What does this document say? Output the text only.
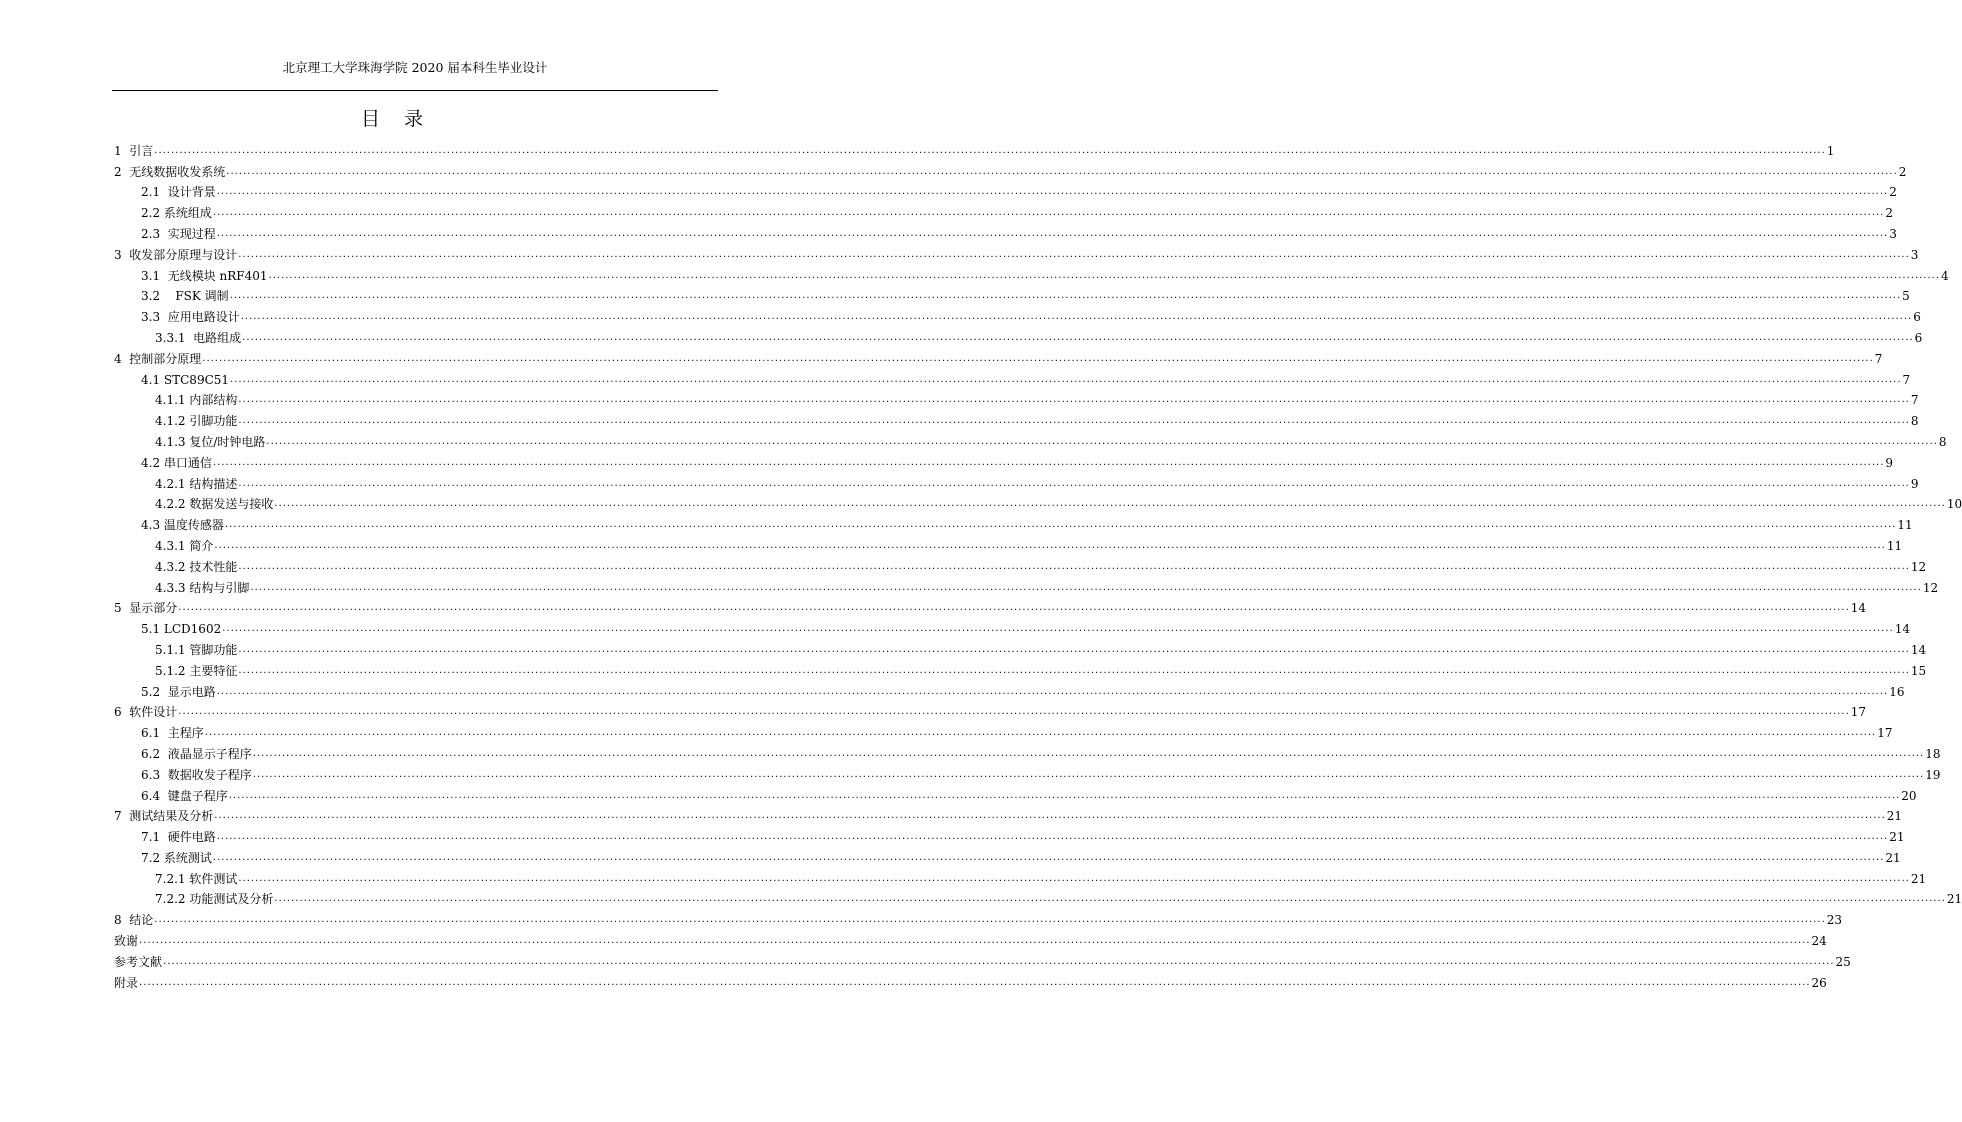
北京理工大学珠海学院 2020 届本科生毕业设计
目 录
1  引言 ................................................................................................................................................................................................................................................................................................................................................................................................................ 1
2  无线数据收发系统 ................................................................................................................................................................................................................................................................................................................................................................................................................ 2
2.1  设计背景 ................................................................................................................................................................................................................................................................................................................................................................................................................ 2
2.2 系统组成 ................................................................................................................................................................................................................................................................................................................................................................................................................ 2
2.3  实现过程 ................................................................................................................................................................................................................................................................................................................................................................................................................ 3
3  收发部分原理与设计 ................................................................................................................................................................................................................................................................................................................................................................................................................ 3
3.1  无线模块 nRF401 ................................................................................................................................................................................................................................................................................................................................................................................................................ 4
3.2    FSK 调制 ................................................................................................................................................................................................................................................................................................................................................................................................................ 5
3.3  应用电路设计 ................................................................................................................................................................................................................................................................................................................................................................................................................ 6
3.3.1  电路组成 ................................................................................................................................................................................................................................................................................................................................................................................................................ 6
4  控制部分原理 ................................................................................................................................................................................................................................................................................................................................................................................................................ 7
4.1 STC89C51 ................................................................................................................................................................................................................................................................................................................................................................................................................ 7
4.1.1 内部结构 ................................................................................................................................................................................................................................................................................................................................................................................................................ 7
4.1.2 引脚功能 ................................................................................................................................................................................................................................................................................................................................................................................................................ 8
4.1.3 复位/时钟电路 ................................................................................................................................................................................................................................................................................................................................................................................................................ 8
4.2 串口通信 ................................................................................................................................................................................................................................................................................................................................................................................................................ 9
4.2.1 结构描述 ................................................................................................................................................................................................................................................................................................................................................................................................................ 9
4.2.2 数据发送与接收 ................................................................................................................................................................................................................................................................................................................................................................................................................ 10
4.3 温度传感器 ................................................................................................................................................................................................................................................................................................................................................................................................................ 11
4.3.1 简介 ................................................................................................................................................................................................................................................................................................................................................................................................................ 11
4.3.2 技术性能 ................................................................................................................................................................................................................................................................................................................................................................................................................ 12
4.3.3 结构与引脚 ................................................................................................................................................................................................................................................................................................................................................................................................................ 12
5  显示部分 ................................................................................................................................................................................................................................................................................................................................................................................................................ 14
5.1 LCD1602 ................................................................................................................................................................................................................................................................................................................................................................................................................ 14
5.1.1 管脚功能 ................................................................................................................................................................................................................................................................................................................................................................................................................ 14
5.1.2 主要特征 ................................................................................................................................................................................................................................................................................................................................................................................................................ 15
5.2  显示电路 ................................................................................................................................................................................................................................................................................................................................................................................................................ 16
6  软件设计 ................................................................................................................................................................................................................................................................................................................................................................................................................ 17
6.1  主程序 ................................................................................................................................................................................................................................................................................................................................................................................................................ 17
6.2  液晶显示子程序 ................................................................................................................................................................................................................................................................................................................................................................................................................ 18
6.3  数据收发子程序 ................................................................................................................................................................................................................................................................................................................................................................................................................ 19
6.4  键盘子程序 ................................................................................................................................................................................................................................................................................................................................................................................................................ 20
7  测试结果及分析 ................................................................................................................................................................................................................................................................................................................................................................................................................ 21
7.1  硬件电路 ................................................................................................................................................................................................................................................................................................................................................................................................................ 21
7.2 系统测试 ................................................................................................................................................................................................................................................................................................................................................................................................................ 21
7.2.1 软件测试 ................................................................................................................................................................................................................................................................................................................................................................................................................ 21
7.2.2 功能测试及分析 ................................................................................................................................................................................................................................................................................................................................................................................................................ 21
8  结论 ................................................................................................................................................................................................................................................................................................................................................................................................................ 23
致谢 ................................................................................................................................................................................................................................................................................................................................................................................................................ 24
参考文献 ................................................................................................................................................................................................................................................................................................................................................................................................................ 25
附录 ................................................................................................................................................................................................................................................................................................................................................................................................................ 26
